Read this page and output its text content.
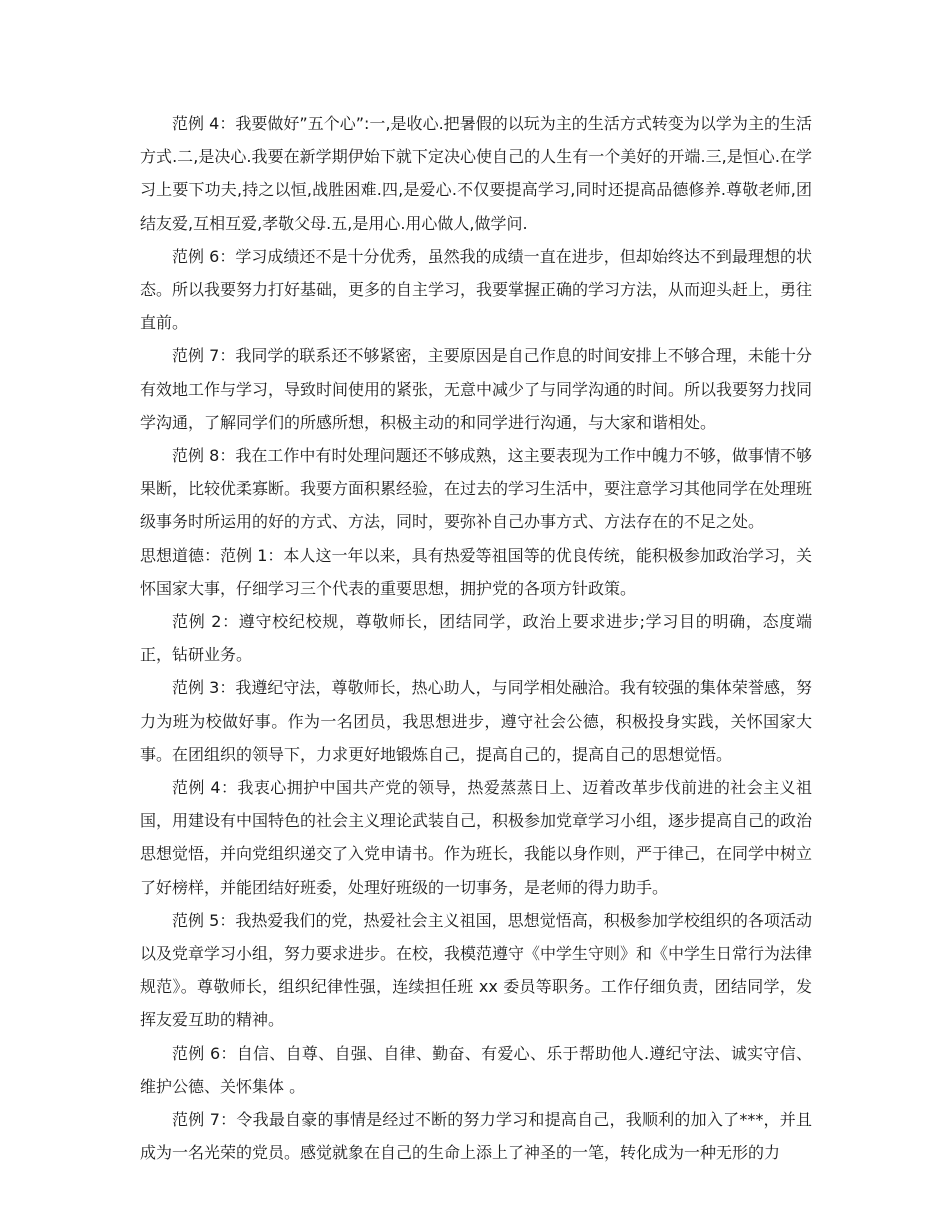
范例 4：我要做好”五个心”:一,是收心.把暑假的以玩为主的生活方式转变为以学为主的生活方式.二,是决心.我要在新学期伊始下就下定决心使自己的人生有一个美好的开端.三,是恒心.在学习上要下功夫,持之以恒,战胜困难.四,是爱心.不仅要提高学习,同时还提高品德修养.尊敬老师,团结友爱,互相互爱,孝敬父母.五,是用心.用心做人,做学问.

范例 6：学习成绩还不是十分优秀，虽然我的成绩一直在进步，但却始终达不到最理想的状态。所以我要努力打好基础，更多的自主学习，我要掌握正确的学习方法，从而迎头赶上，勇往直前。

范例 7：我同学的联系还不够紧密，主要原因是自己作息的时间安排上不够合理，未能十分有效地工作与学习，导致时间使用的紧张，无意中减少了与同学沟通的时间。所以我要努力找同学沟通，了解同学们的所感所想，积极主动的和同学进行沟通，与大家和谐相处。

范例 8：我在工作中有时处理问题还不够成熟，这主要表现为工作中魄力不够，做事情不够果断，比较优柔寡断。我要方面积累经验，在过去的学习生活中，要注意学习其他同学在处理班级事务时所运用的好的方式、方法，同时，要弥补自己办事方式、方法存在的不足之处。

思想道德：范例 1：本人这一年以来，具有热爱等祖国等的优良传统，能积极参加政治学习，关怀国家大事，仔细学习三个代表的重要思想，拥护党的各项方针政策。

范例 2：遵守校纪校规，尊敬师长，团结同学，政治上要求进步;学习目的明确，态度端正，钻研业务。

范例 3：我遵纪守法，尊敬师长，热心助人，与同学相处融洽。我有较强的集体荣誉感，努力为班为校做好事。作为一名团员，我思想进步，遵守社会公德，积极投身实践，关怀国家大事。在团组织的领导下，力求更好地锻炼自己，提高自己的，提高自己的思想觉悟。

范例 4：我衷心拥护中国共产党的领导，热爱蒸蒸日上、迈着改革步伐前进的社会主义祖国，用建设有中国特色的社会主义理论武装自己，积极参加党章学习小组，逐步提高自己的政治思想觉悟，并向党组织递交了入党申请书。作为班长，我能以身作则，严于律己，在同学中树立了好榜样，并能团结好班委，处理好班级的一切事务，是老师的得力助手。

范例 5：我热爱我们的党，热爱社会主义祖国，思想觉悟高，积极参加学校组织的各项活动以及党章学习小组，努力要求进步。在校，我模范遵守《中学生守则》和《中学生日常行为法律规范》。尊敬师长，组织纪律性强，连续担任班 xx 委员等职务。工作仔细负责，团结同学，发挥友爱互助的精神。

范例 6：自信、自尊、自强、自律、勤奋、有爱心、乐于帮助他人.遵纪守法、诚实守信、维护公德、关怀集体 。

范例 7：令我最自豪的事情是经过不断的努力学习和提高自己，我顺利的加入了***，并且成为一名光荣的党员。感觉就象在自己的生命上添上了神圣的一笔，转化成为一种无形的力
